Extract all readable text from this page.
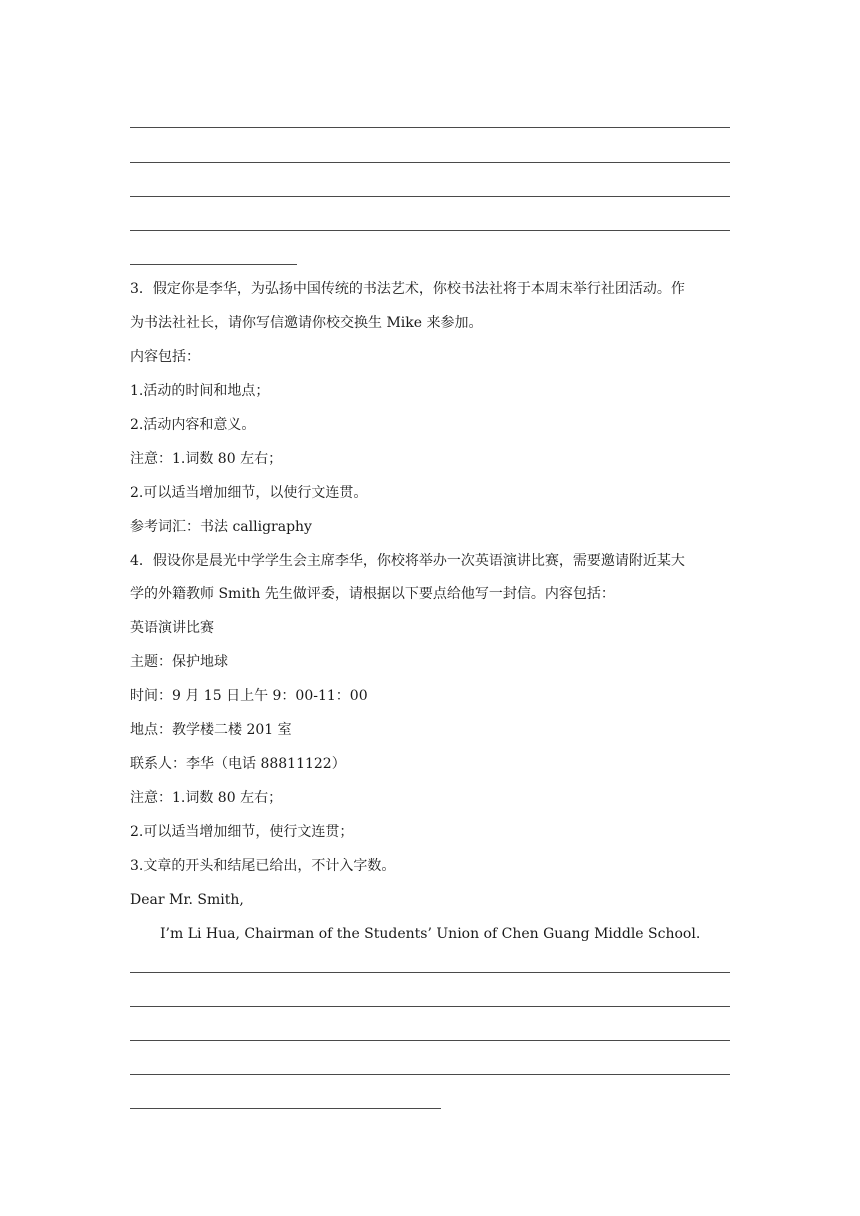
3．假定你是李华，为弘扬中国传统的书法艺术，你校书法社将于本周末举行社团活动。作
为书法社社长，请你写信邀请你校交换生 Mike 来参加。
内容包括：
1.活动的时间和地点；
2.活动内容和意义。
注意：1.词数 80 左右；
2.可以适当增加细节，以使行文连贯。
参考词汇：书法 calligraphy
4．假设你是晨光中学学生会主席李华，你校将举办一次英语演讲比赛，需要邀请附近某大
学的外籍教师 Smith 先生做评委，请根据以下要点给他写一封信。内容包括：
英语演讲比赛
主题：保护地球
时间：9 月 15 日上午 9：00-11：00
地点：教学楼二楼 201 室
联系人：李华（电话 88811122）
注意：1.词数 80 左右；
2.可以适当增加细节，使行文连贯；
3.文章的开头和结尾已给出，不计入字数。
Dear Mr. Smith,
I’m Li Hua, Chairman of the Students’ Union of Chen Guang Middle School.
